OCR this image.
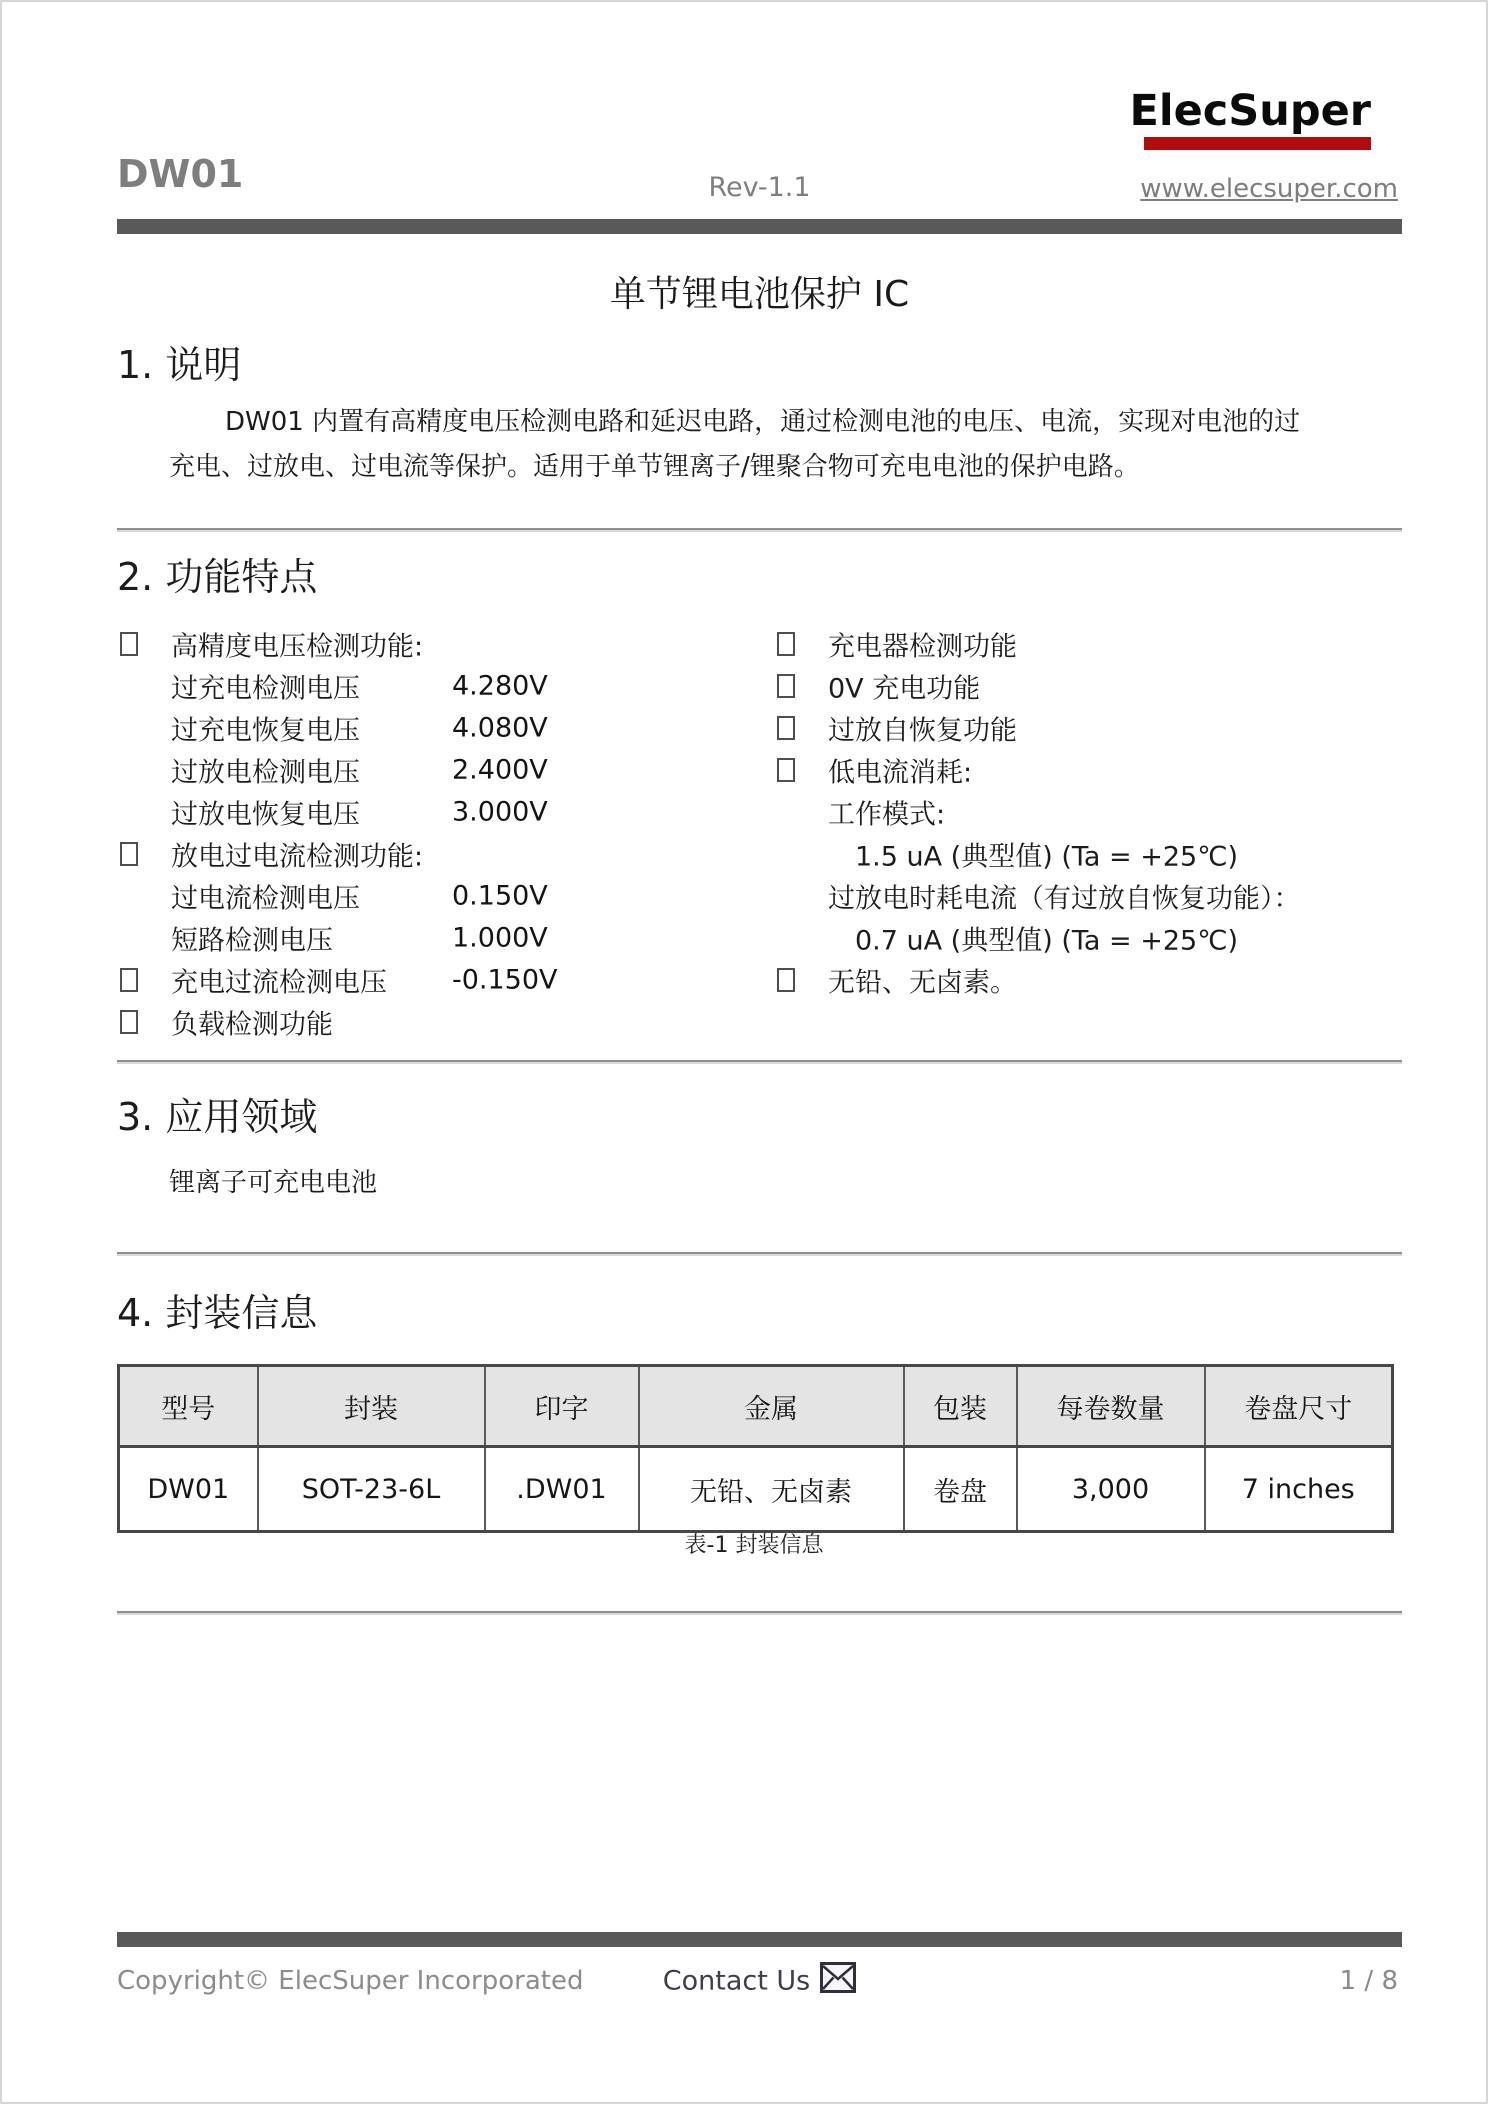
ElecSuper
DW01	Rev-1.1	www.elecsuper.com
单节锂电池保护 IC
1. 说明
DW01 内置有高精度电压检测电路和延迟电路，通过检测电池的电压、电流，实现对电池的过
充电、过放电、过电流等保护。适用于单节锂离子/锂聚合物可充电电池的保护电路。
2. 功能特点
高精度电压检测功能:
过充电检测电压	4.280V
过充电恢复电压	4.080V
过放电检测电压	2.400V
过放电恢复电压	3.000V
放电过电流检测功能:
过电流检测电压	0.150V
短路检测电压	1.000V
充电过流检测电压 -0.150V
负载检测功能
充电器检测功能
0V 充电功能
过放自恢复功能
低电流消耗:
工作模式:
1.5 uA (典型值) (Ta = +25℃)
过放电时耗电流（有过放自恢复功能）：
0.7 uA (典型值) (Ta = +25℃)
无铅、无卤素。
3. 应用领域
锂离子可充电电池
4. 封装信息
型号	封装	印字	金属	包装	每卷数量	卷盘尺寸
DW01	SOT-23-6L	.DW01	无铅、无卤素	卷盘	3,000	7 inches
表-1 封装信息
Copyright© ElecSuper Incorporated	Contact Us	1 / 8
